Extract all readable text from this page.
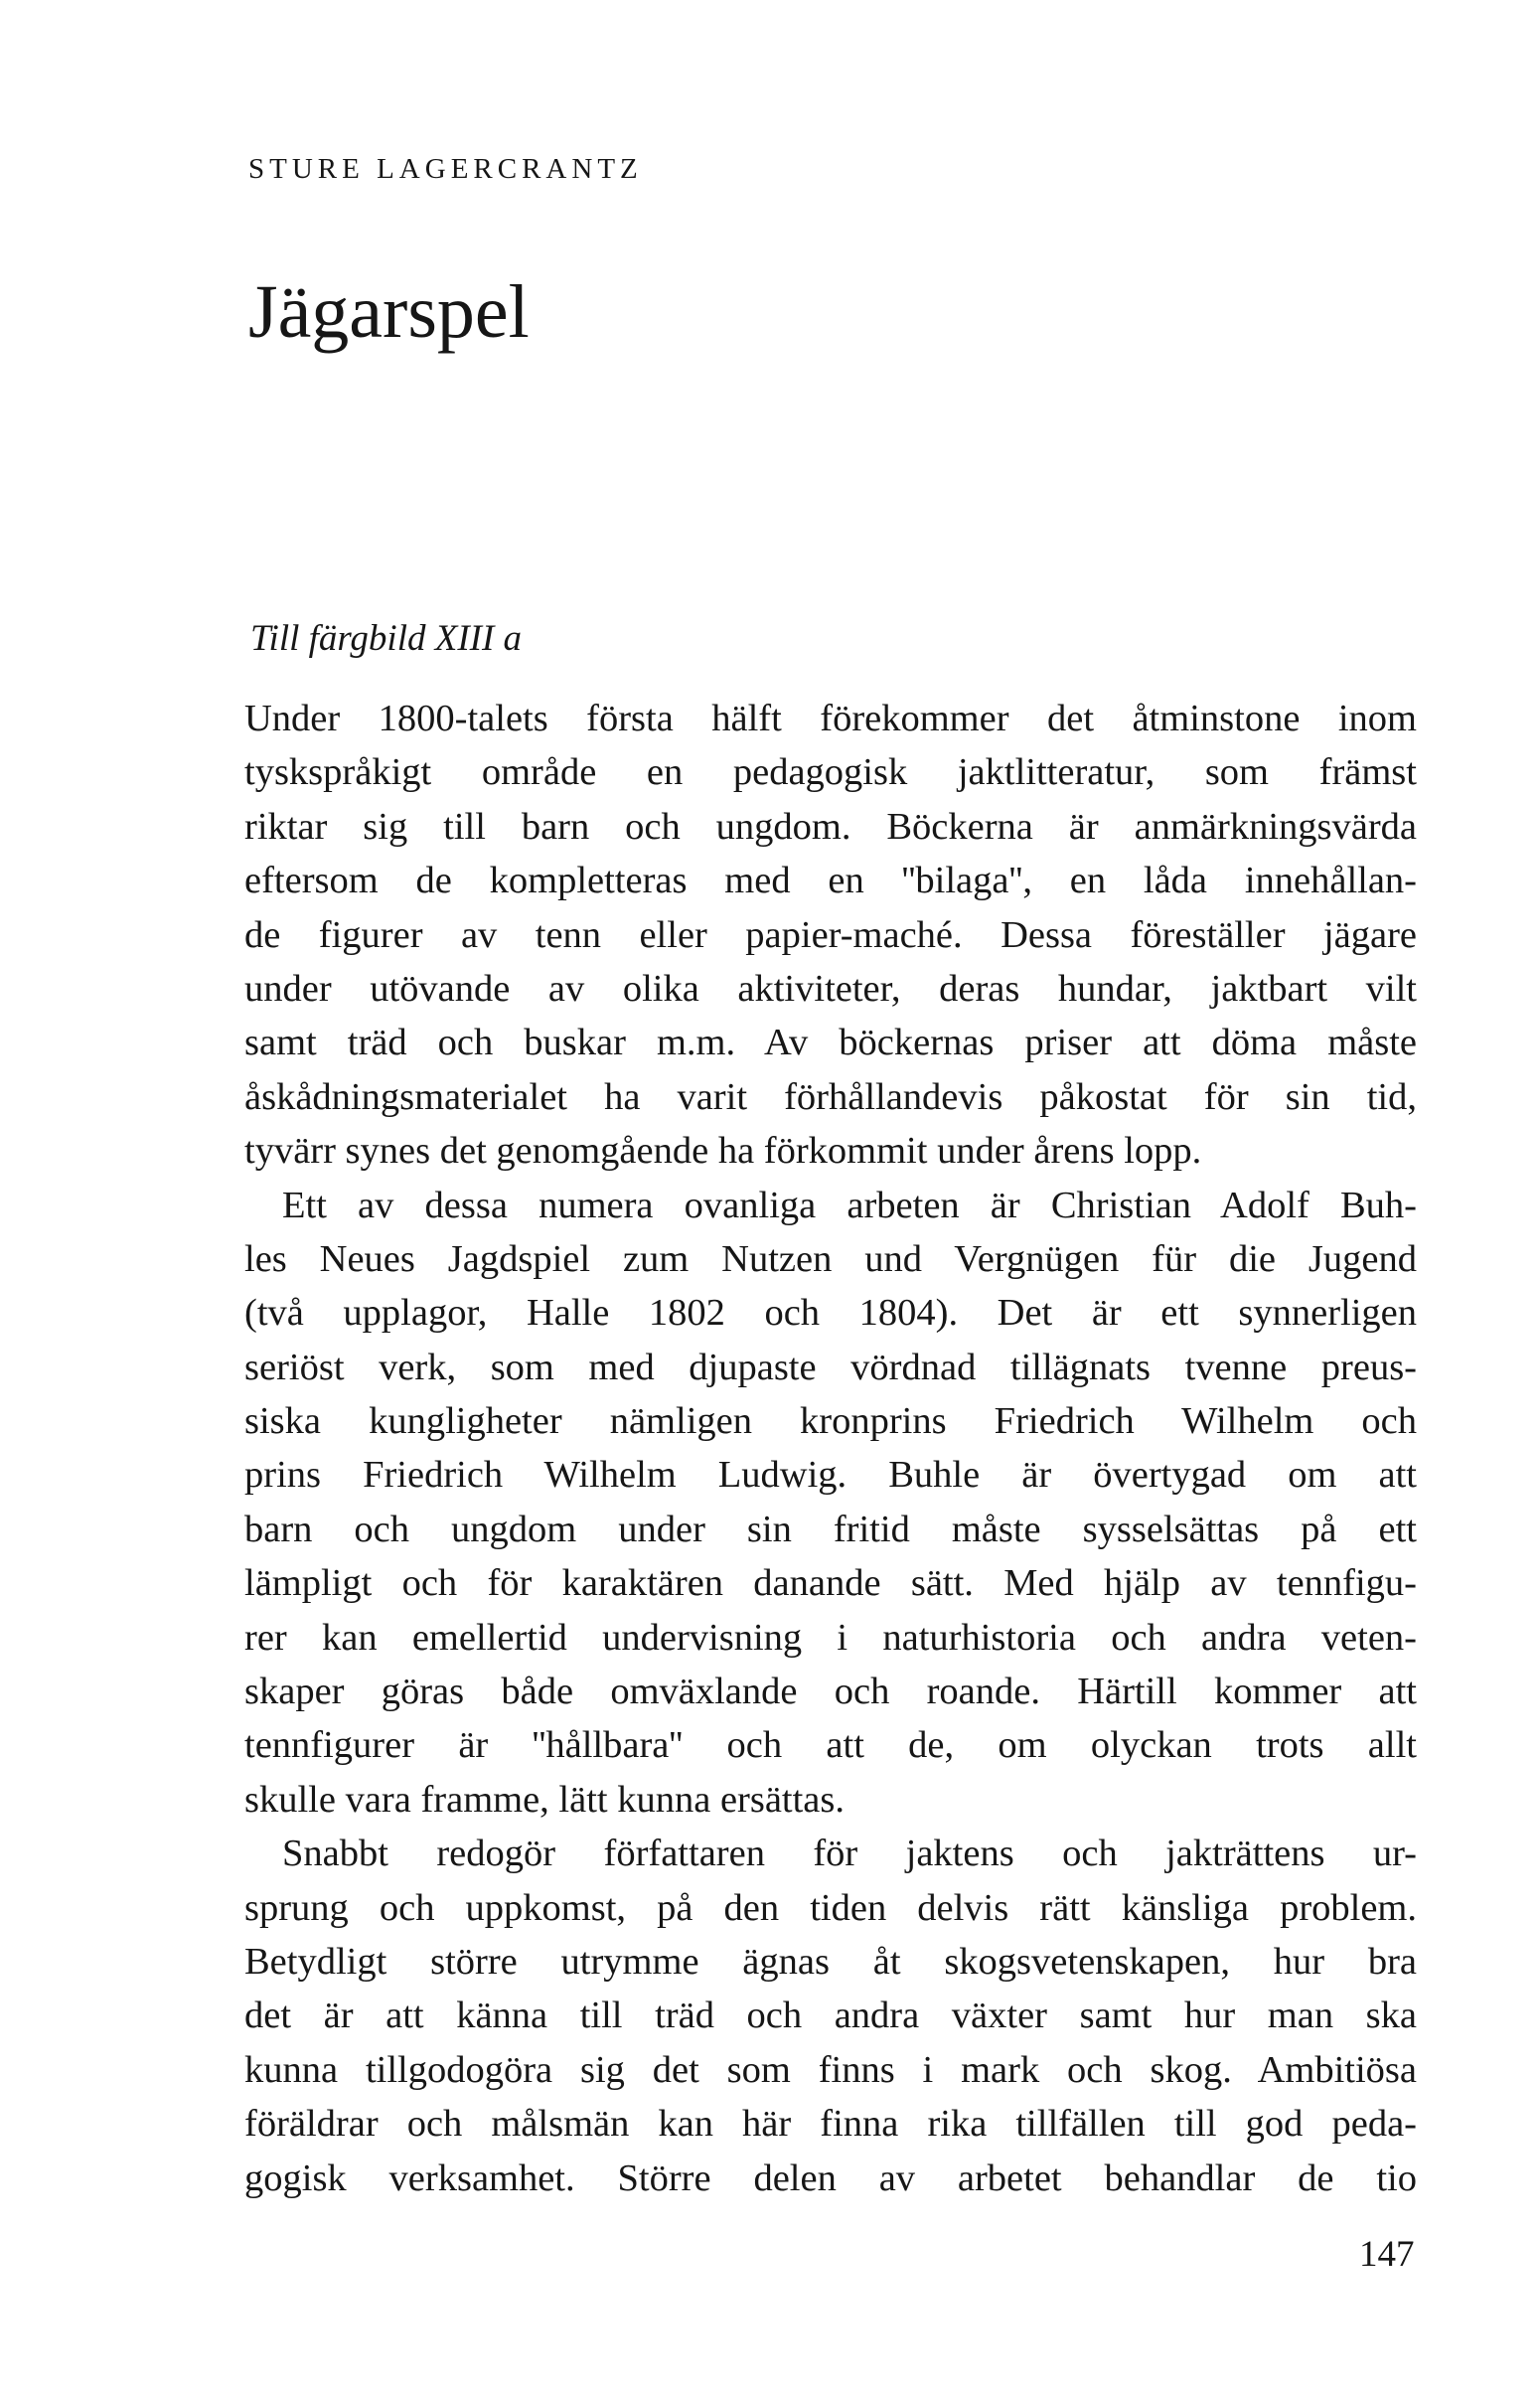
STURE LAGERCRANTZ
Jägarspel
Till färgbild XIII a
Under 1800-talets första hälft förekommer det åtminstone inom
tyskspråkigt område en pedagogisk jaktlitteratur, som främst
riktar sig till barn och ungdom. Böckerna är anmärkningsvärda
eftersom de kompletteras med en ''bilaga'', en låda innehållan-
de figurer av tenn eller papier-maché. Dessa föreställer jägare
under utövande av olika aktiviteter, deras hundar, jaktbart vilt
samt träd och buskar m.m. Av böckernas priser att döma måste
åskådningsmaterialet ha varit förhållandevis påkostat för sin tid,
tyvärr synes det genomgående ha förkommit under årens lopp.
Ett av dessa numera ovanliga arbeten är Christian Adolf Buh-
les Neues Jagdspiel zum Nutzen und Vergnügen für die Jugend
(två upplagor, Halle 1802 och 1804). Det är ett synnerligen
seriöst verk, som med djupaste vördnad tillägnats tvenne preus-
siska kungligheter nämligen kronprins Friedrich Wilhelm och
prins Friedrich Wilhelm Ludwig. Buhle är övertygad om att
barn och ungdom under sin fritid måste sysselsättas på ett
lämpligt och för karaktären danande sätt. Med hjälp av tennfigu-
rer kan emellertid undervisning i naturhistoria och andra veten-
skaper göras både omväxlande och roande. Härtill kommer att
tennfigurer är ''hållbara'' och att de, om olyckan trots allt
skulle vara framme, lätt kunna ersättas.
Snabbt redogör författaren för jaktens och jakträttens ur-
sprung och uppkomst, på den tiden delvis rätt känsliga problem.
Betydligt större utrymme ägnas åt skogsvetenskapen, hur bra
det är att känna till träd och andra växter samt hur man ska
kunna tillgodogöra sig det som finns i mark och skog. Ambitiösa
föräldrar och målsmän kan här finna rika tillfällen till god peda-
gogisk verksamhet. Större delen av arbetet behandlar de tio
147
